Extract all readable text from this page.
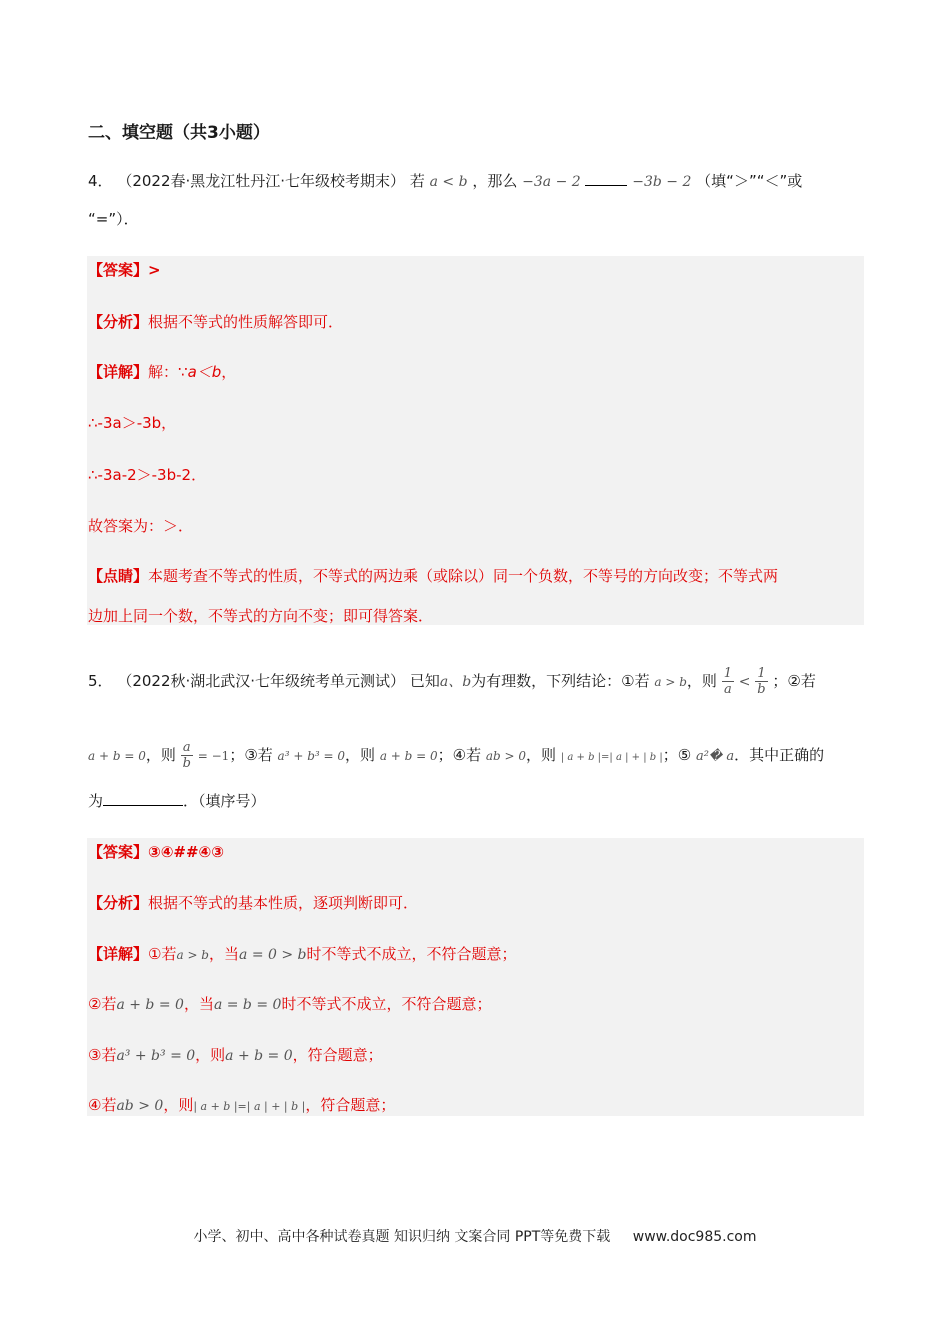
二、填空题（共3小题）
4． （2022春·黑龙江牡丹江·七年级校考期末） 若 a < b ，那么 −3a − 2	−3b − 2 （填“＞”“＜”或
“=”）．
【答案】>
【分析】根据不等式的性质解答即可．
【详解】解：∵a＜b，
∴-3a＞-3b，
∴-3a-2＞-3b-2．
故答案为：＞．
【点睛】本题考查不等式的性质，不等式的两边乘（或除以）同一个负数，不等号的方向改变；不等式两
边加上同一个数，不等式的方向不变；即可得答案．
5． （2022秋·湖北武汉·七年级统考单元测试） 已知a、b为有理数，下列结论：①若 a > b，则 $\frac{1}{a} < \frac{1}{b}$ ；②若
a + b = 0，则 $\frac{a}{b} = -1$；③若 a³ + b³ = 0，则 a + b = 0；④若 ab > 0，则 | a + b |=| a | + | b |；⑤ a²� a．其中正确的
为	．（填序号）
【答案】③④##④③
【分析】根据不等式的基本性质，逐项判断即可．
【详解】①若a > b，当a = 0 > b时不等式不成立，不符合题意；
②若a + b = 0，当a = b = 0时不等式不成立，不符合题意；
③若a³ + b³ = 0，则a + b = 0，符合题意；
④若ab > 0，则| a + b |=| a | + | b |，符合题意；
小学、初中、高中各种试卷真题 知识归纳 文案合同 PPT等免费下载 www.doc985.com
